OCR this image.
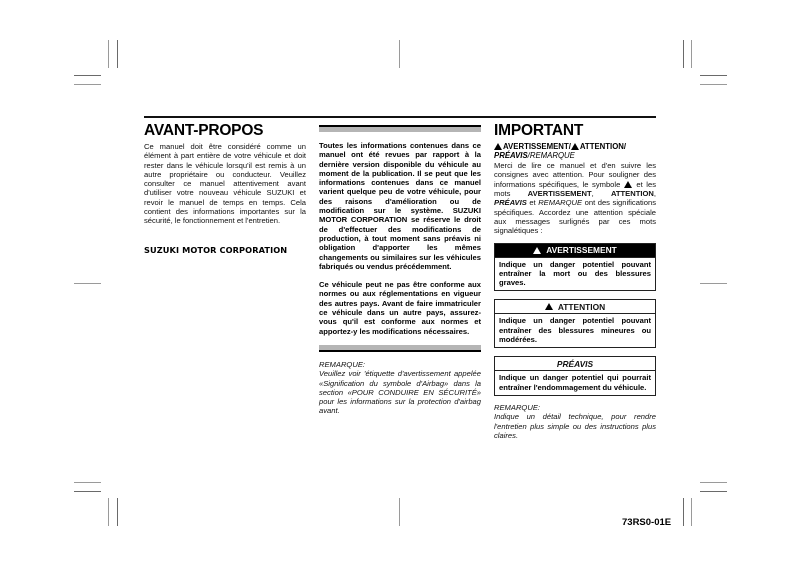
AVANT-PROPOS

Ce manuel doit être considéré comme un élément à part entière de votre véhicule et doit rester dans le véhicule lorsqu'il est remis à un autre propriétaire ou conducteur. Veuillez consulter ce manuel attentivement avant d'utiliser votre nouveau véhicule SUZUKI et revoir le manuel de temps en temps. Cela contient des informations importantes sur la sécurité, le fonctionnement et l'entretien.

SUZUKI MOTOR CORPORATION

Toutes les informations contenues dans ce manuel ont été revues par rapport à la dernière version disponible du véhicule au moment de la publication. Il se peut que les informations contenues dans ce manuel varient quelque peu de votre véhicule, pour des raisons d'amélioration ou de modification sur le système. SUZUKI MOTOR CORPORATION se réserve le droit de d'effectuer des modifications de production, à tout moment sans préavis ni obligation d'apporter les mêmes changements ou similaires sur les véhicules fabriqués ou vendus précédemment.

Ce véhicule peut ne pas être conforme aux normes ou aux réglementations en vigueur des autres pays. Avant de faire immatriculer ce véhicule dans un autre pays, assurez-vous qu'il est conforme aux normes et apportez-y les modifications nécessaires.

REMARQUE:

Veuillez voir 'étiquette d'avertissement appelée «Signification du symbole d'Airbag» dans la section «POUR CONDUIRE EN SÉCURITÉ» pour les informations sur la protection d'airbag avant.

IMPORTANT
AVERTISSEMENT/ ATTENTION/
PRÉAVIS/REMARQUE

Merci de lire ce manuel et d'en suivre les consignes avec attention. Pour souligner des informations spécifiques, le symbole  et les mots AVERTISSEMENT, ATTENTION, PRÉAVIS et REMARQUE ont des significations spécifiques. Accordez une attention spéciale aux messages surlignés par ces mots signalétiques :

AVERTISSEMENT
Indique un danger potentiel pouvant entraîner la mort ou des blessures graves.
ATTENTION
Indique un danger potentiel pouvant entraîner des blessures mineures ou modérées.
PRÉAVIS
Indique un danger potentiel qui pourrait entraîner l'endommagement du véhicule.

REMARQUE:

Indique un détail technique, pour rendre l'entretien plus simple ou des instructions plus claires.

73RS0-01E
